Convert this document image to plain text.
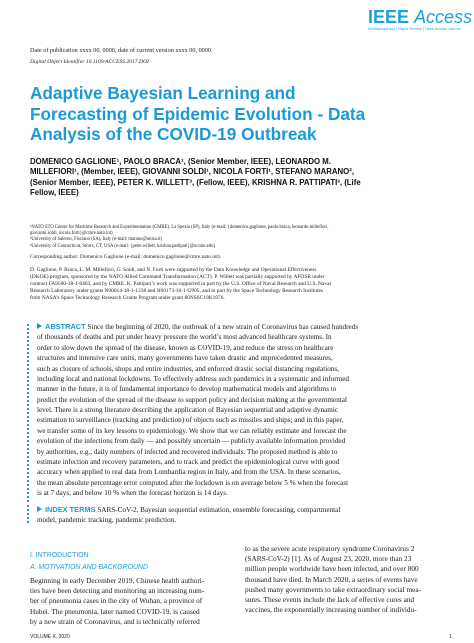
IEEE Access
Multidisciplinary | Rapid Review | Open Access Journal
Date of publication xxxx 00, 0000, date of current version xxxx 00, 0000.
Digital Object Identifier 10.1109/ACCESS.2017.DOI
Adaptive Bayesian Learning and
Forecasting of Epidemic Evolution - Data
Analysis of the COVID-19 Outbreak
DOMENICO GAGLIONE¹, PAOLO BRACA¹, (Senior Member, IEEE), LEONARDO M.
MILLEFIORI¹, (Member, IEEE), GIOVANNI SOLDI¹, NICOLA FORTI¹, STEFANO MARANO²,
(Senior Member, IEEE), PETER K. WILLETT³, (Fellow, IEEE), KRISHNA R. PATTIPATI³, (Life
Fellow, IEEE)
¹NATO STO Centre for Maritime Research and Experimentation (CMRE), La Spezia (SP), Italy (e-mail: {domenico.gaglione, paolo.braca, leonardo.millefiori,
giovanni.soldi, nicola.forti}@cmre.nato.int)
²University of Salerno, Fisciano (SA), Italy (e-mail: marano@unisa.it)
³University of Connecticut, Storrs, CT, USA (e-mail: {peter.willett, krishna.pattipati}@uconn.edu)
Corresponding author: Domenico Gaglione (e-mail: domenico.gaglione@cmre.nato.int).
D. Gaglione, P. Braca, L. M. Millefiori, G. Soldi, and N. Forti were supported by the Data Knowledge and Operational Effectiveness
(DKOE) program, sponsored by the NATO Allied Command Transformation (ACT). P. Willett was partially supported by AFOSR under
contract FA9500-18-1-0463, and by CMRE. K. Pattipati’s work was supported in part by the U.S. Office of Naval Research and U.S. Naval
Research Laboratory under grants N00014-18-1-1238 and N00173-16-1-G905, and in part by the Space Technology Research Institutes
from NASA’s Space Technology Research Grants Program under grant 80NSSC19K1076.
ABSTRACT Since the beginning of 2020, the outbreak of a new strain of Coronavirus has caused hundreds
of thousands of deaths and put under heavy pressure the world’s most advanced healthcare systems. In
order to slow down the spread of the disease, known as COVID-19, and reduce the stress on healthcare
structures and intensive care units, many governments have taken drastic and unprecedented measures,
such as closure of schools, shops and entire industries, and enforced drastic social distancing regulations,
including local and national lockdowns. To effectively address such pandemics in a systematic and informed
manner in the future, it is of fundamental importance to develop mathematical models and algorithms to
predict the evolution of the spread of the disease to support policy and decision making at the governmental
level. There is a strong literature describing the application of Bayesian sequential and adaptive dynamic
estimation to surveillance (tracking and prediction) of objects such as missiles and ships; and in this paper,
we transfer some of its key lessons to epidemiology. We show that we can reliably estimate and forecast the
evolution of the infections from daily — and possibly uncertain — publicly available information provided
by authorities, e.g., daily numbers of infected and recovered individuals. The proposed method is able to
estimate infection and recovery parameters, and to track and predict the epidemiological curve with good
accuracy when applied to real data from Lombardia region in Italy, and from the USA. In these scenarios,
the mean absolute percentage error computed after the lockdown is on average below 5 % when the forecast
is at 7 days, and below 10 % when the forecast horizon is 14 days.
INDEX TERMS SARS-CoV-2, Bayesian sequential estimation, ensemble forecasting, compartmental
model, pandemic tracking, pandemic prediction.
I. INTRODUCTION
A. MOTIVATION AND BACKGROUND
Beginning in early December 2019, Chinese health authori-
ties have been detecting and monitoring an increasing num-
ber of pneumonia cases in the city of Wuhan, a province of
Hubei. The pneumonia, later named COVID-19, is caused
by a new strain of Coronavirus, and is technically referred
to as the severe acute respiratory syndrome Coronavirus 2
(SARS-CoV-2) [1]. As of August 23, 2020, more than 23
million people worldwide have been infected, and over 800
thousand have died. In March 2020, a series of events have
pushed many governments to take extraordinary social mea-
sures. These events include the lack of effective cures and
vaccines, the exponentially increasing number of individu-
VOLUME X, 2020	1
